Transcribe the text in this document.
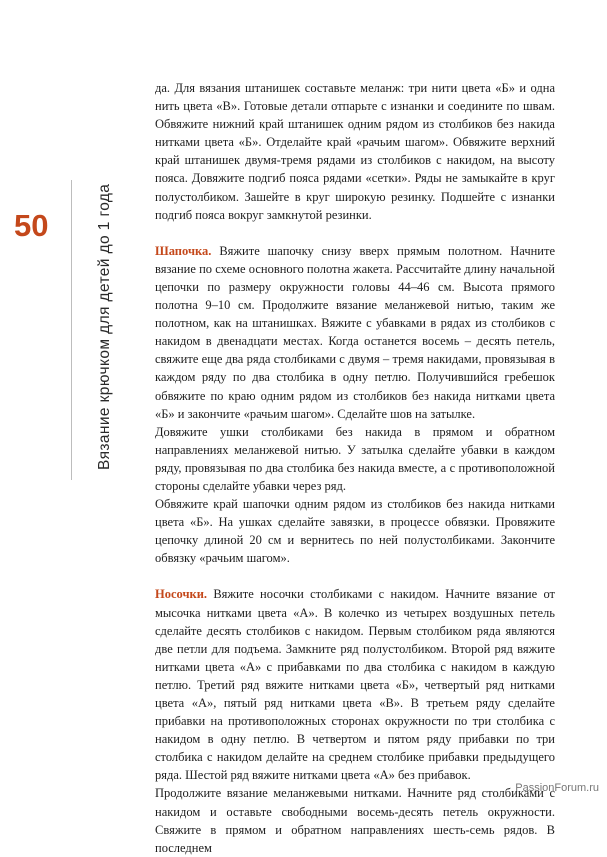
50	Вязание крючком для детей до 1 года

да. Для вязания штанишек составьте меланж: три нити цвета «Б» и одна нить цвета «В». Готовые детали отпарьте с изнанки и соедините по швам. Обвяжите нижний край штанишек одним рядом из столбиков без накида нитками цвета «Б». Отделайте край «рачьим шагом». Обвяжите верхний край штанишек двумя-тремя рядами из столбиков с накидом, на высоту пояса. Довяжите подгиб пояса рядами «сетки». Ряды не замыкайте в круг полустолбиком. Зашейте в круг широкую резинку. Подшейте с изнанки подгиб пояса вокруг замкнутой резинки.

Шапочка. Вяжите шапочку снизу вверх прямым полотном. Начните вязание по схеме основного полотна жакета. Рассчитайте длину начальной цепочки по размеру окружности головы 44–46 см. Высота прямого полотна 9–10 см. Продолжите вязание меланжевой нитью, таким же полотном, как на штанишках. Вяжите с убавками в рядах из столбиков с накидом в двенадцати местах. Когда останется восемь – десять петель, свяжите еще два ряда столбиками с двумя – тремя накидами, провязывая в каждом ряду по два столбика в одну петлю. Получившийся гребешок обвяжите по краю одним рядом из столбиков без накида нитками цвета «Б» и закончите «рачьим шагом». Сделайте шов на затылке.

Довяжите ушки столбиками без накида в прямом и обратном направлениях меланжевой нитью. У затылка сделайте убавки в каждом ряду, провязывая по два столбика без накида вместе, а с противоположной стороны сделайте убавки через ряд.

Обвяжите край шапочки одним рядом из столбиков без накида нитками цвета «Б». На ушках сделайте завязки, в процессе обвязки. Провяжите цепочку длиной 20 см и вернитесь по ней полустолбиками. Закончите обвязку «рачьим шагом».

Носочки. Вяжите носочки столбиками с накидом. Начните вязание от мысочка нитками цвета «А». В колечко из четырех воздушных петель сделайте десять столбиков с накидом. Первым столбиком ряда являются две петли для подъема. Замкните ряд полустолбиком. Второй ряд вяжите нитками цвета «А» с прибавками по два столбика с накидом в каждую петлю. Третий ряд вяжите нитками цвета «Б», четвертый ряд нитками цвета «А», пятый ряд нитками цвета «В». В третьем ряду сделайте прибавки на противоположных сторонах окружности по три столбика с накидом в одну петлю. В четвертом и пятом ряду прибавки по три столбика с накидом делайте на среднем столбике прибавки предыдущего ряда. Шестой ряд вяжите нитками цвета «А» без прибавок.

Продолжите вязание меланжевыми нитками. Начните ряд столбиками с накидом и оставьте свободными восемь-десять петель окружности. Свяжите в прямом и обратном направлениях шесть-семь рядов. В последнем

PassionForum.ru
